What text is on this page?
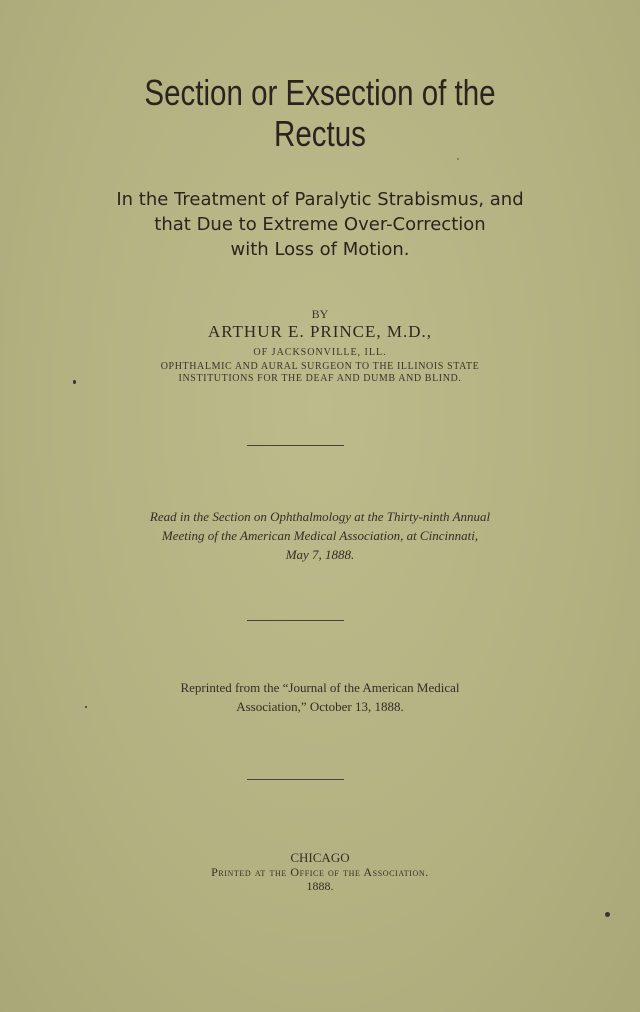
Section or Exsection of the
Rectus
In the Treatment of Paralytic Strabismus, and
that Due to Extreme Over-Correction
with Loss of Motion.
BY
ARTHUR E. PRINCE, M.D.,
OF JACKSONVILLE, ILL.
OPHTHALMIC AND AURAL SURGEON TO THE ILLINOIS STATE
INSTITUTIONS FOR THE DEAF AND DUMB AND BLIND.
Read in the Section on Ophthalmology at the Thirty-ninth Annual
Meeting of the American Medical Association, at Cincinnati,
May 7, 1888.
Reprinted from the “Journal of the American Medical
Association,” October 13, 1888.
CHICAGO
Printed at the Office of the Association.
1888.
